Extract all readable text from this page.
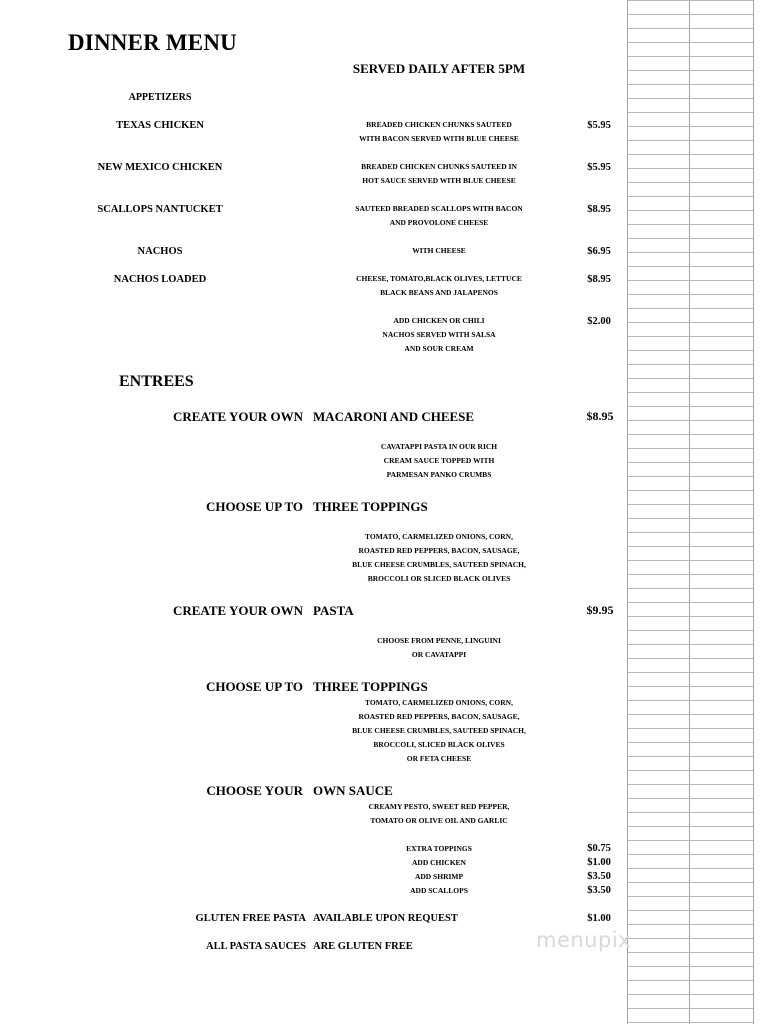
DINNER MENU
SERVED DAILY AFTER 5PM
APPETIZERS
TEXAS CHICKEN	BREADED CHICKEN CHUNKS SAUTEED
WITH BACON SERVED WITH BLUE CHEESE
$5.95
NEW MEXICO CHICKEN	BREADED CHICKEN CHUNKS SAUTEED IN
HOT SAUCE SERVED WITH BLUE CHEESE
$5.95
SCALLOPS NANTUCKET	SAUTEED BREADED SCALLOPS WITH BACON
AND PROVOLONE CHEESE
$8.95
NACHOS	WITH CHEESE	$6.95
NACHOS LOADED	CHEESE, TOMATO,BLACK OLIVES, LETTUCE
BLACK BEANS AND JALAPENOS
$8.95
ADD CHICKEN OR CHILI
NACHOS SERVED WITH SALSA
AND SOUR CREAM
$2.00
ENTREES
CREATE YOUR OWN MACARONI AND CHEESE	$8.95
CAVATAPPI PASTA IN OUR RICH
CREAM SAUCE TOPPED WITH
PARMESAN PANKO CRUMBS
CHOOSE UP TO THREE TOPPINGS
TOMATO, CARMELIZED ONIONS, CORN,
ROASTED RED PEPPERS, BACON, SAUSAGE,
BLUE CHEESE CRUMBLES, SAUTEED SPINACH,
BROCCOLI OR SLICED BLACK OLIVES
CREATE YOUR OWN PASTA	$9.95
CHOOSE FROM PENNE, LINGUINI
OR CAVATAPPI
CHOOSE UP TO THREE TOPPINGS
TOMATO, CARMELIZED ONIONS, CORN,
ROASTED RED PEPPERS, BACON, SAUSAGE,
BLUE CHEESE CRUMBLES, SAUTEED SPINACH,
BROCCOLI, SLICED BLACK OLIVES
OR FETA CHEESE
CHOOSE YOUR OWN SAUCE
CREAMY PESTO, SWEET RED PEPPER,
TOMATO OR OLIVE OIL AND GARLIC
EXTRA TOPPINGS	$0.75
ADD CHICKEN	$1.00
ADD SHRIMP	$3.50
ADD SCALLOPS	$3.50
GLUTEN FREE PASTA AVAILABLE UPON REQUEST	$1.00
ALL PASTA SAUCES ARE GLUTEN FREE	menupix
